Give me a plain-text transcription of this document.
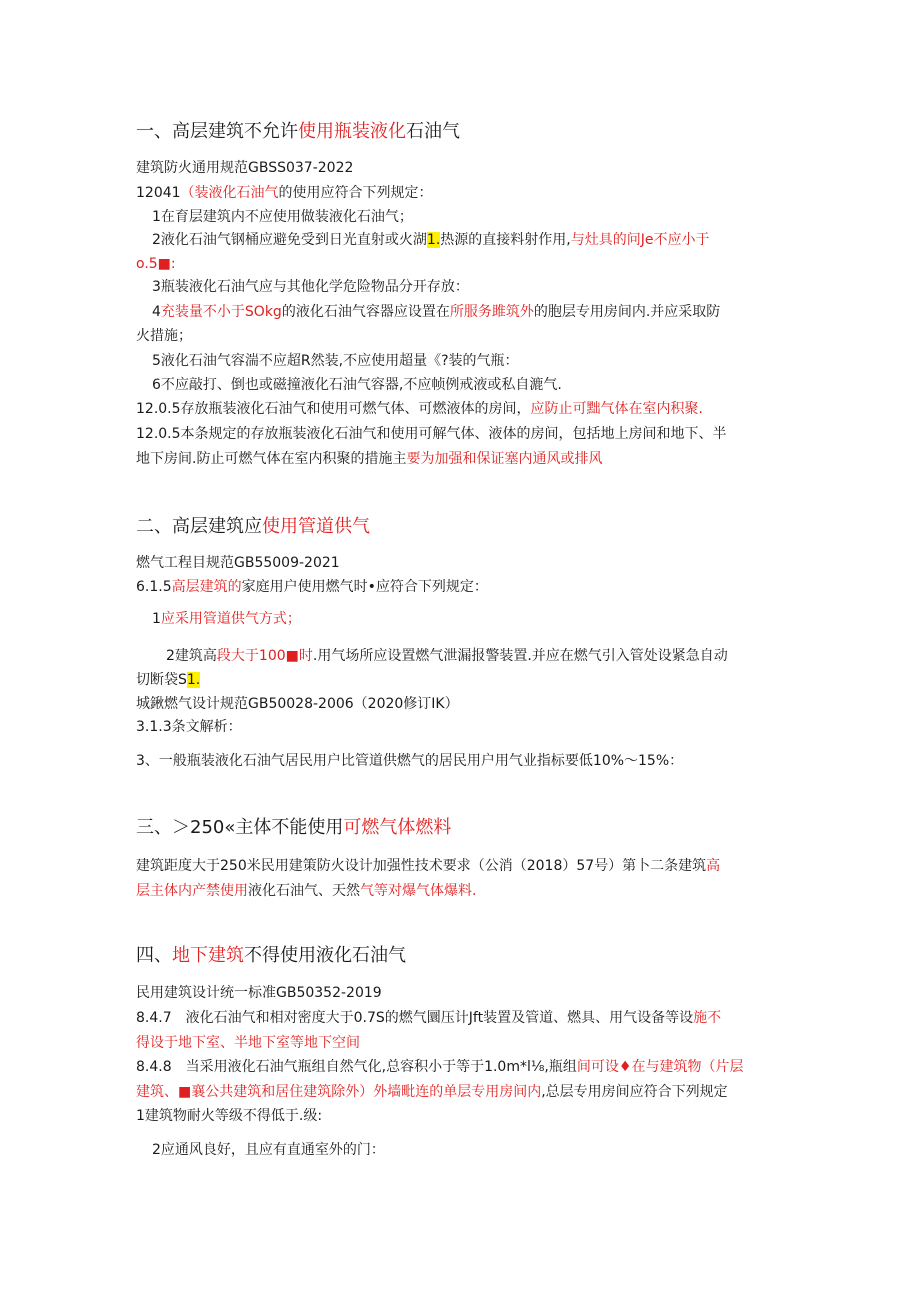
一、高层建筑不允许使用瓶装液化石油气
建筑防火通用规范GBSS037-2022
12041（装液化石油气的使用应符合下列规定：
1在育层建筑内不应使用做装液化石油气；
2液化石油气钢桶应避免受到日光直射或火湖1.热源的直接料射作用,与灶具的问Je不应小于
o.5■:
3瓶装液化石油气应与其他化学危险物品分开存放：
4充装量不小于SOkg的液化石油气容器应设置在所服务雎筑外的胞层专用房间内.并应采取防
火措施；
5液化石油气容湍不应超R然装,不应使用超量《?装的气瓶：
6不应敲打、倒也或磁撞液化石油气容器,不应帧例戒液或私自漉气.
12.0.5存放瓶装液化石油气和使用可燃气体、可燃液体的房间，应防止可黜气体在室内积聚.
12.0.5本条规定的存放瓶装液化石油气和使用可解气体、液体的房间，包括地上房间和地下、半
地下房间.防止可燃气体在室内积聚的措施主要为加强和保证塞内通风或排风
二、高层建筑应使用管道供气
燃气工程目规范GB55009-2021
6.1.5高层建筑的家庭用户使用燃气时•应符合下列规定：
1应采用管道供气方式；
2建筑高段大于100■时.用气场所应设置燃气泄漏报警装置.并应在燃气引入管处设紧急自动
切断袋S1.
城鍬燃气设计规范GB50028-2006（2020修订IK）
3.1.3条文解析：
3、一般瓶装液化石油气居民用户比管道供燃气的居民用户用气业指标要低10%～15%：
三、＞250«主体不能使用可燃气体燃料
建筑距度大于250米民用建策防火设计加强性技术要求（公消（2018）57号）第卜二条建筑高
层主体内产禁使用液化石油气、天然气等对爆气体爆料.
四、地下建筑不得使用液化石油气
民用建筑设计统一标准GB50352-2019
8.4.7　液化石油气和相对密度大于0.7S的燃气圜压计Jft装置及管道、燃具、用气设备等设施不
得设于地下室、半地下室等地下空间
8.4.8　当采用液化石油气瓶组自然气化,总容积小于等于1.0m*l⅛,瓶组间可设♦在与建筑物（片层
建筑、■襄公共建筑和居住建筑除外）外墙毗连的单层专用房间内,总层专用房间应符合下列规定
1建筑物耐火等级不得低于.级:
2应通风良好，且应有直通室外的门：
